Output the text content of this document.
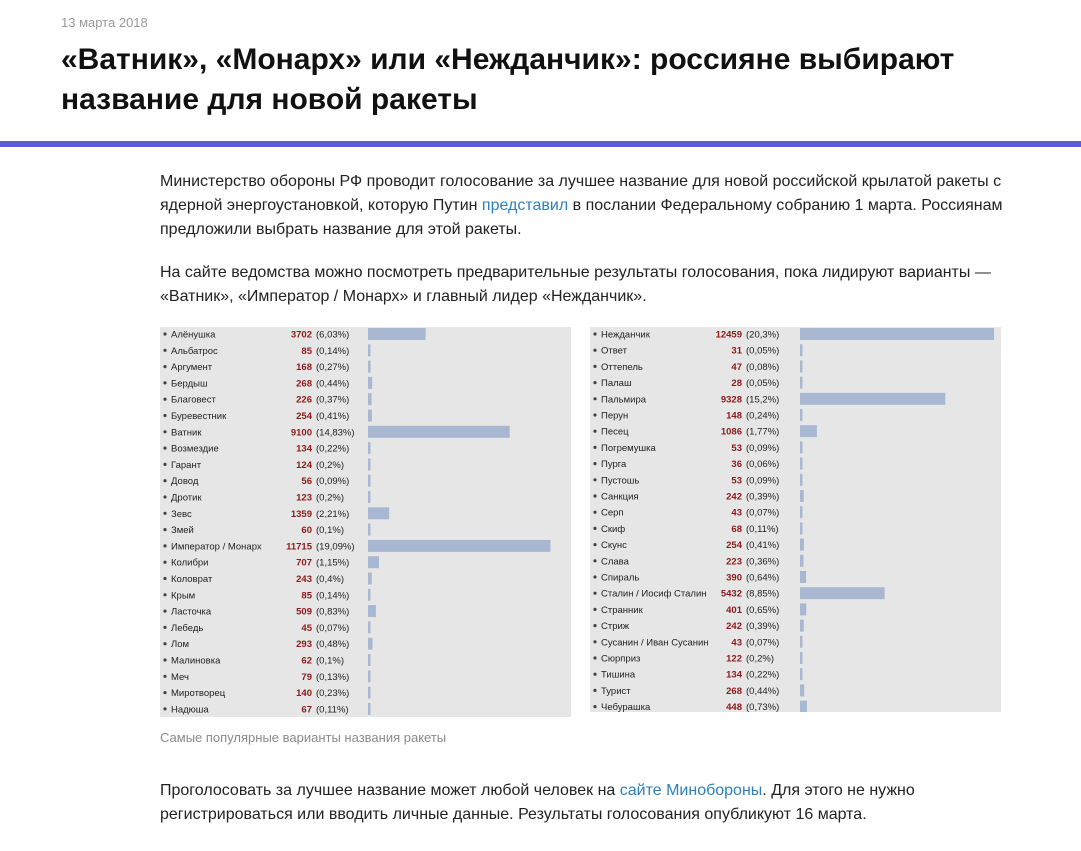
13 марта 2018
«Ватник», «Монарх» или «Нежданчик»: россияне выбирают название для новой ракеты

Министерство обороны РФ проводит голосование за лучшее название для новой российской крылатой ракеты с ядерной энергоустановкой, которую Путин представил в послании Федеральному собранию 1 марта. Россиянам предложили выбрать название для этой ракеты.

На сайте ведомства можно посмотреть предварительные результаты голосования, пока лидируют варианты — «Ватник», «Император / Монарх» и главный лидер «Нежданчик».

Алёнушка	3702 (6,03%)
Альбатрос	85 (0,14%)
Аргумент	168 (0,27%)
Бердыш	268 (0,44%)
Благовест	226 (0,37%)
Буревестник	254 (0,41%)
Ватник	9100 (14,83%)
Возмездие	134 (0,22%)
Гарант	124 (0,2%)
Довод	56 (0,09%)
Дротик	123 (0,2%)
Зевс	1359 (2,21%)
Змей	60 (0,1%)
Император / Монарх	11715 (19,09%)
Колибри	707 (1,15%)
Коловрат	243 (0,4%)
Крым	85 (0,14%)
Ласточка	509 (0,83%)
Лебедь	45 (0,07%)
Лом	293 (0,48%)
Малиновка	62 (0,1%)
Меч	79 (0,13%)
Миротворец	140 (0,23%)
Надюша	67 (0,11%)
Нежданчик	12459 (20,3%)
Ответ	31 (0,05%)
Оттепель	47 (0,08%)
Палаш	28 (0,05%)
Пальмира	9328 (15,2%)
Перун	148 (0,24%)
Песец	1086 (1,77%)
Погремушка	53 (0,09%)
Пурга	36 (0,06%)
Пустошь	53 (0,09%)
Санкция	242 (0,39%)
Серп	43 (0,07%)
Скиф	68 (0,11%)
Скунс	254 (0,41%)
Слава	223 (0,36%)
Спираль	390 (0,64%)
Сталин / Иосиф Сталин 5432 (8,85%)
Странник	401 (0,65%)
Стриж	242 (0,39%)
Сусанин / Иван Сусанин 43 (0,07%)
Сюрприз	122 (0,2%)
Тишина	134 (0,22%)
Турист	268 (0,44%)
Чебурашка	448 (0,73%)

Самые популярные варианты названия ракеты

Проголосовать за лучшее название может любой человек на сайте Минобороны. Для этого не нужно регистрироваться или вводить личные данные. Результаты голосования опубликуют 16 марта.
